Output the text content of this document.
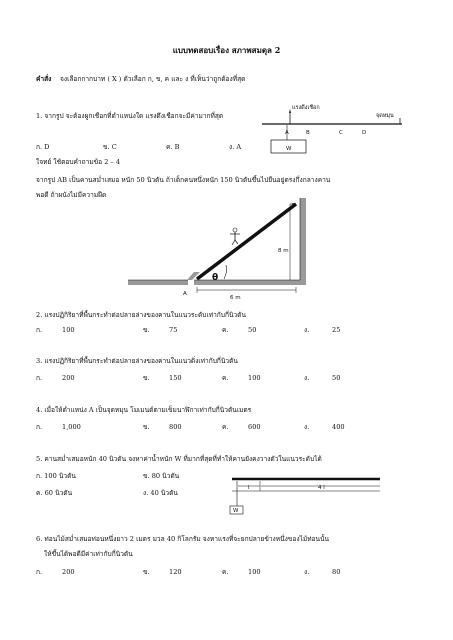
แบบทดสอบเรื่อง สภาพสมดุล 2
คำสั่ง จงเลือกกากบาท ( X ) ตัวเลือก ก, ข, ค และ ง ที่เห็นว่าถูกต้องที่สุด
1. จากรูป จะต้องผูกเชือกที่ตำแหน่งใด แรงดึงเชือกจะมีค่ามากที่สุด
ก. D	ข. C	ค. B	ง. A
แรงดึงเชือก
จุดหมุน
A	B	C	D
W
A
B
θ
8 m
6 m
l	4 l
W
ใจทย์ ใช้ตอบคำถามข้อ 2 – 4
จากรูป AB เป็นคานสม่ำเสมอ หนัก 50 นิวตัน ถ้าเด็กคนหนึ่งหนัก 150 นิวตันขึ้นไปยืนอยู่ตรงกึ่งกลางคาน
พอดี ถ้าผนังไม่มีความฝืด
2. แรงปฏิกิริยาที่พื้นกระทำต่อปลายล่างของคานในแนวระดับเท่ากับกี่นิวตัน
ก.	100	ข.	75	ค.	50	ง.	25
3. แรงปฏิกิริยาที่พื้นกระทำต่อปลายล่างของคานในแนวดิ่งเท่ากับกี่นิวตัน
ก.	200	ข.	150	ค.	100	ง.	50
4. เมื่อให้ตำแหน่ง A เป็นจุดหมุน โมเมนต์ตามเข็มนาฬิกาเท่ากับกี่นิวตันเมตร
ก.	1,000	ข.	800	ค.	600	ง.	400
5. คานสม่ำเสมอหนัก 40 นิวตัน จงหาค่าน้ำหนัก W ที่มากที่สุดที่ทำให้คานยังคงวางตัวในแนวระดับได้
ก. 100 นิวตัน	ข. 80 นิวตัน
ค. 60 นิวตัน	ง. 40 นิวตัน
6. ท่อนไม้สม่ำเสมอท่อนหนึ่งยาว 2 เมตร มวล 40 กิโลกรัม จงหาแรงที่จะยกปลายข้างหนึ่งของไม้ท่อนนั้น
ให้ขึ้นได้พอดีมีค่าเท่ากับกี่นิวตัน
ก.	200	ข.	120	ค.	100	ง.	80
